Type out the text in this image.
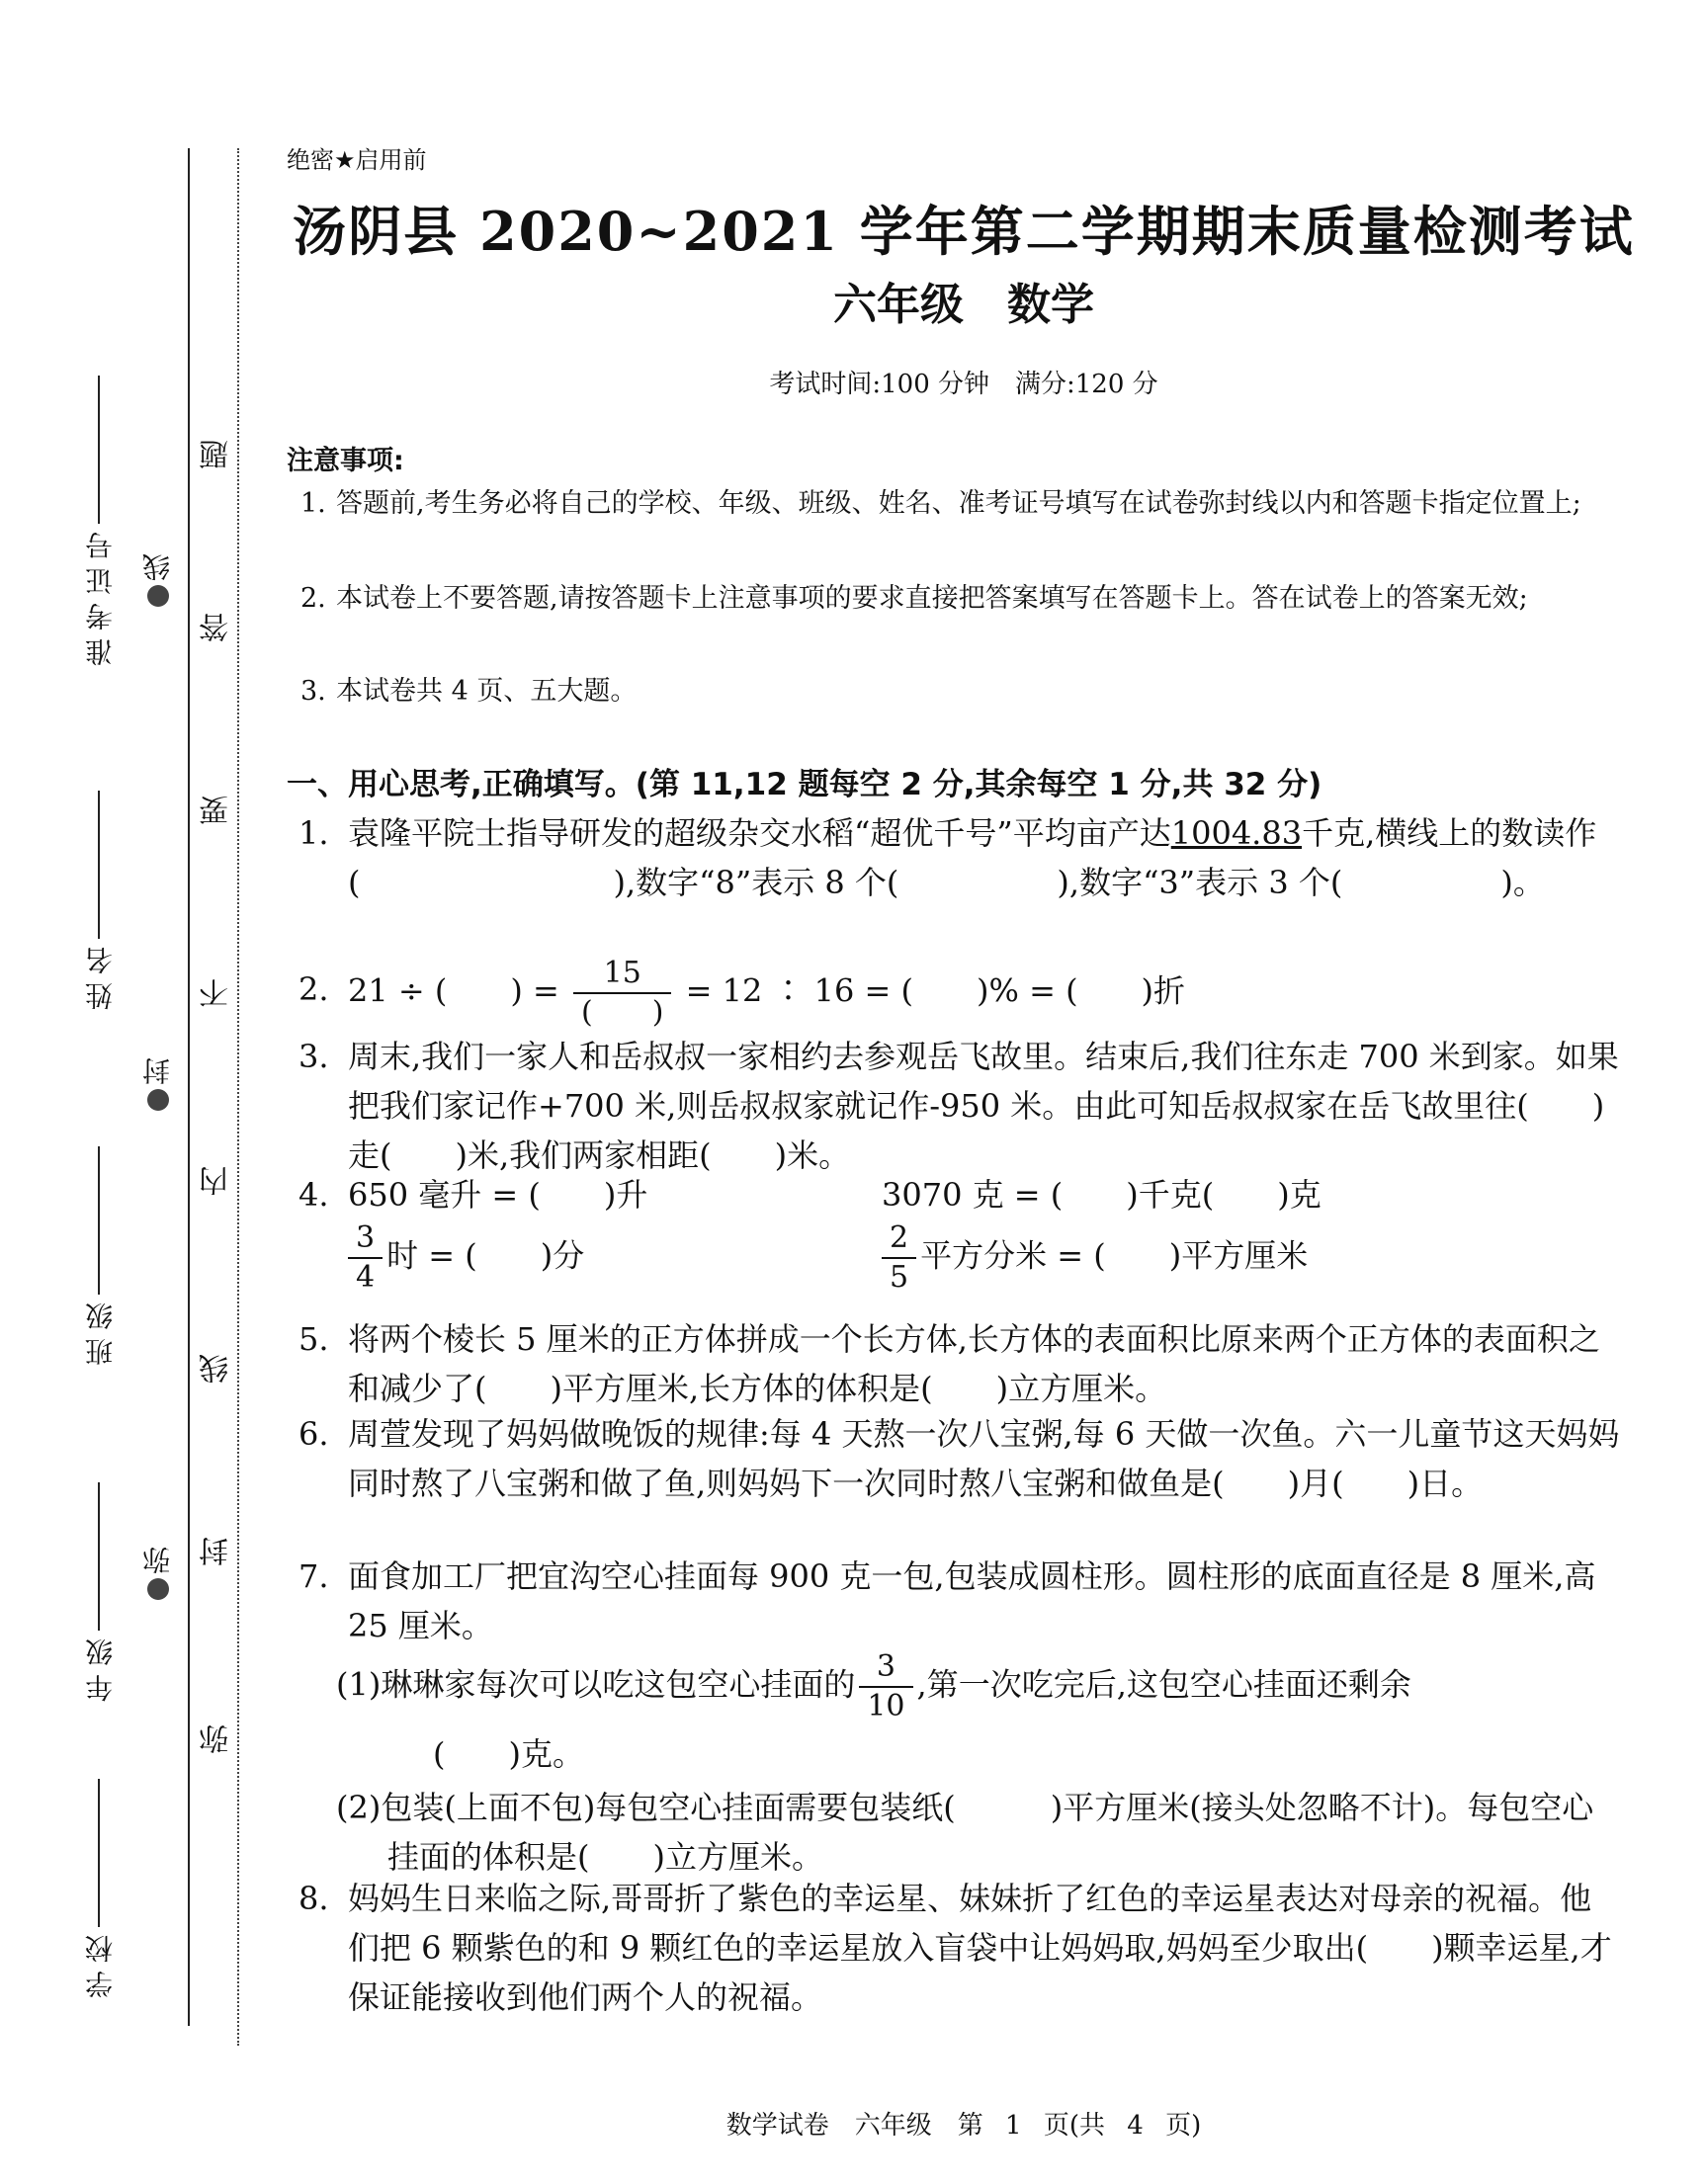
准考证号
姓名
班级
年级
学校
线
封
弥
题
答
要
不
内
线
封
弥
绝密★启用前
汤阴县 2020~2021 学年第二学期期末质量检测考试
六年级　数学
考试时间:100 分钟　满分:120 分
注意事项:
1. 答题前,考生务必将自己的学校、年级、班级、姓名、准考证号填写在试卷弥封线以内和答题卡指定位置上;
2. 本试卷上不要答题,请按答题卡上注意事项的要求直接把答案填写在答题卡上。答在试卷上的答案无效;
3. 本试卷共 4 页、五大题。
一、用心思考,正确填写。(第 11,12 题每空 2 分,其余每空 1 分,共 32 分)
1. 袁隆平院士指导研发的超级杂交水稻“超优千号”平均亩产达1004.83千克,横线上的数读作(　　　　　　　　),数字“8”表示 8 个(　　　　　),数字“3”表示 3 个(　　　　　)。
2. 21 ÷ (　　) = $\frac{15}{( )} = 12$ ∶ 16 = (　　)% = (　　)折
3. 周末,我们一家人和岳叔叔一家相约去参观岳飞故里。结束后,我们往东走 700 米到家。如果把我们家记作+700 米,则岳叔叔家就记作-950 米。由此可知岳叔叔家在岳飞故里往(　　)走(　　)米,我们两家相距(　　)米。
4. 650 毫升 = (　　)升	3070 克 = (　　)千克(　　)克
$\frac{3}{4}$ 时 = (　　)分	$\frac{2}{5}$ 平方分米 = (　　)平方厘米
5. 将两个棱长 5 厘米的正方体拼成一个长方体,长方体的表面积比原来两个正方体的表面积之和减少了(　　)平方厘米,长方体的体积是(　　)立方厘米。
6. 周萱发现了妈妈做晚饭的规律:每 4 天熬一次八宝粥,每 6 天做一次鱼。六一儿童节这天妈妈同时熬了八宝粥和做了鱼,则妈妈下一次同时熬八宝粥和做鱼是(　　)月(　　)日。
7. 面食加工厂把宜沟空心挂面每 900 克一包,包装成圆柱形。圆柱形的底面直径是 8 厘米,高 25 厘米。
(1)琳琳家每次可以吃这包空心挂面的 $\frac{3}{10}$ ,第一次吃完后,这包空心挂面还剩余
(　　)克。
(2)包装(上面不包)每包空心挂面需要包装纸(　　　)平方厘米(接头处忽略不计)。每包空心挂面的体积是(　　)立方厘米。
8. 妈妈生日来临之际,哥哥折了紫色的幸运星、妹妹折了红色的幸运星表达对母亲的祝福。他们把 6 颗紫色的和 9 颗红色的幸运星放入盲袋中让妈妈取,妈妈至少取出(　　)颗幸运星,才保证能接收到他们两个人的祝福。
数学试卷　六年级　第 1 页(共 4 页)
